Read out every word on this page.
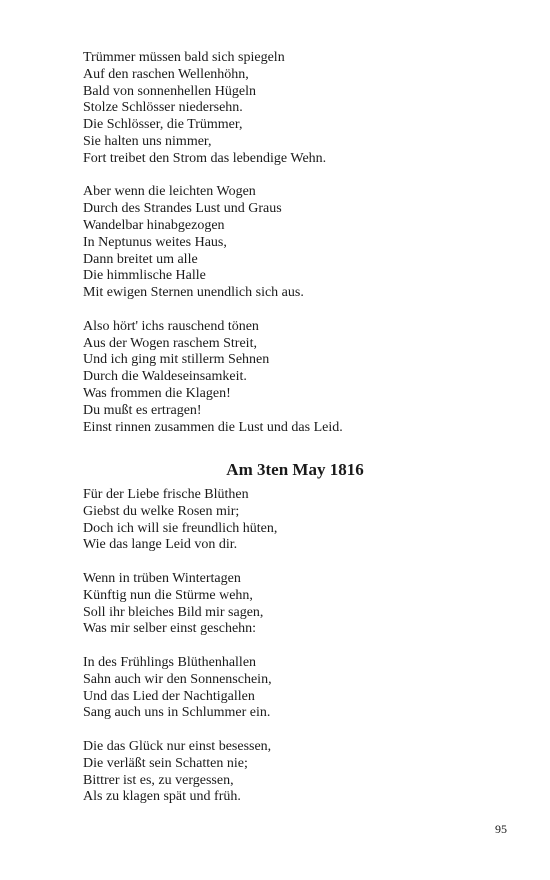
Trümmer müssen bald sich spiegeln
Auf den raschen Wellenhöhn,
Bald von sonnenhellen Hügeln
Stolze Schlösser niedersehn.
Die Schlösser, die Trümmer,
Sie halten uns nimmer,
Fort treibet den Strom das lebendige Wehn.
Aber wenn die leichten Wogen
Durch des Strandes Lust und Graus
Wandelbar hinabgezogen
In Neptunus weites Haus,
Dann breitet um alle
Die himmlische Halle
Mit ewigen Sternen unendlich sich aus.
Also hört' ichs rauschend tönen
Aus der Wogen raschem Streit,
Und ich ging mit stillerm Sehnen
Durch die Waldeseinsamkeit.
Was frommen die Klagen!
Du mußt es ertragen!
Einst rinnen zusammen die Lust und das Leid.
Am 3ten May 1816
Für der Liebe frische Blüthen
Giebst du welke Rosen mir;
Doch ich will sie freundlich hüten,
Wie das lange Leid von dir.
Wenn in trüben Wintertagen
Künftig nun die Stürme wehn,
Soll ihr bleiches Bild mir sagen,
Was mir selber einst geschehn:
In des Frühlings Blüthenhallen
Sahn auch wir den Sonnenschein,
Und das Lied der Nachtigallen
Sang auch uns in Schlummer ein.
Die das Glück nur einst besessen,
Die verläßt sein Schatten nie;
Bittrer ist es, zu vergessen,
Als zu klagen spät und früh.
95
